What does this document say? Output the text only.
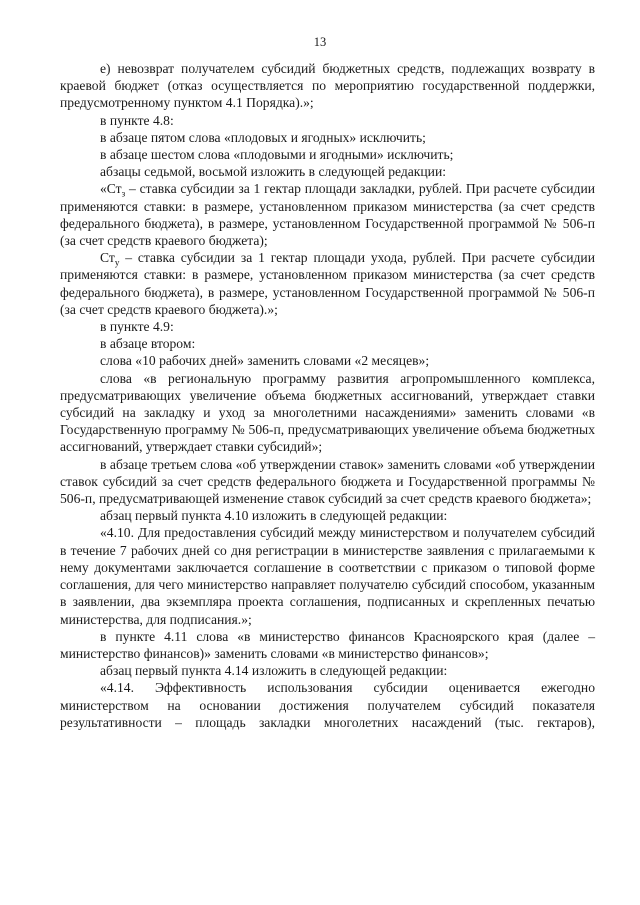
13

е) невозврат получателем субсидий бюджетных средств, подлежащих возврату в краевой бюджет (отказ осуществляется по мероприятию государственной поддержки, предусмотренному пунктом 4.1 Порядка).»;

в пункте 4.8:

в абзаце пятом слова «плодовых и ягодных» исключить;

в абзаце шестом слова «плодовыми и ягодными» исключить;

абзацы седьмой, восьмой изложить в следующей редакции:

«$Ст_з$ – ставка субсидии за 1 гектар площади закладки, рублей. При расчете субсидии применяются ставки: в размере, установленном приказом министерства (за счет средств федерального бюджета), в размере, установленном Государственной программой № 506-п (за счет средств краевого бюджета);

$Ст_у$ – ставка субсидии за 1 гектар площади ухода, рублей. При расчете субсидии применяются ставки: в размере, установленном приказом министерства (за счет средств федерального бюджета), в размере, установленном Государственной программой № 506-п (за счет средств краевого бюджета).»;

в пункте 4.9:

в абзаце втором:

слова «10 рабочих дней» заменить словами «2 месяцев»;

слова «в региональную программу развития агропромышленного комплекса, предусматривающих увеличение объема бюджетных ассигнований, утверждает ставки субсидий на закладку и уход за многолетними насаждениями» заменить словами «в Государственную программу № 506-п, предусматривающих увеличение объема бюджетных ассигнований, утверждает ставки субсидий»;

в абзаце третьем слова «об утверждении ставок» заменить словами «об утверждении ставок субсидий за счет средств федерального бюджета и Государственной программы № 506-п, предусматривающей изменение ставок субсидий за счет средств краевого бюджета»;

абзац первый пункта 4.10 изложить в следующей редакции:

«4.10. Для предоставления субсидий между министерством и получателем субсидий в течение 7 рабочих дней со дня регистрации в министерстве заявления с прилагаемыми к нему документами заключается соглашение в соответствии с приказом о типовой форме соглашения, для чего министерство направляет получателю субсидий способом, указанным в заявлении, два экземпляра проекта соглашения, подписанных и скрепленных печатью министерства, для подписания.»;

в пункте 4.11 слова «в министерство финансов Красноярского края (далее – министерство финансов)» заменить словами «в министерство финансов»;

абзац первый пункта 4.14 изложить в следующей редакции:

«4.14. Эффективность использования субсидии оценивается ежегодно министерством на основании достижения получателем субсидий показателя результативности – площадь закладки многолетних насаждений (тыс. гектаров),
